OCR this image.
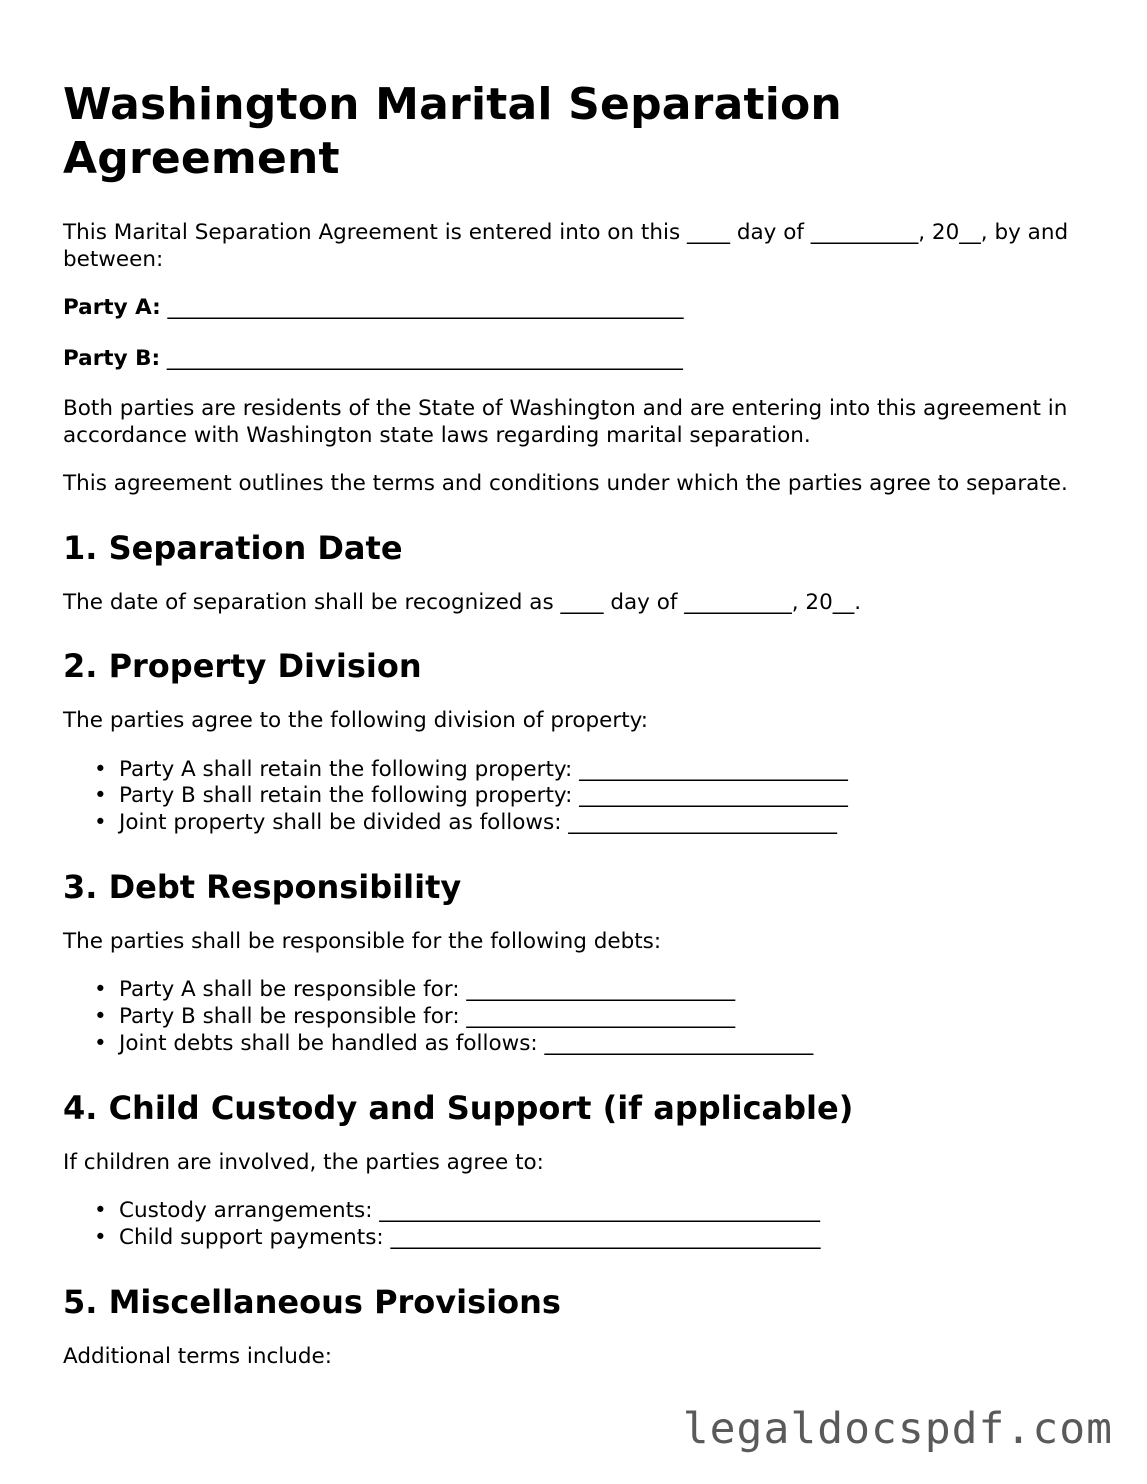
Washington Marital Separation Agreement

This Marital Separation Agreement is entered into on this ____ day of __________, 20__, by and between:

Party A: ________________________________________________
Party B: ________________________________________________

Both parties are residents of the State of Washington and are entering into this agreement in accordance with Washington state laws regarding marital separation.

This agreement outlines the terms and conditions under which the parties agree to separate.

1. Separation Date

The date of separation shall be recognized as ____ day of __________, 20__.

2. Property Division

The parties agree to the following division of property:

• Party A shall retain the following property: _________________________
• Party B shall retain the following property: _________________________
• Joint property shall be divided as follows: _________________________
3. Debt Responsibility

The parties shall be responsible for the following debts:

• Party A shall be responsible for: _________________________
• Party B shall be responsible for: _________________________
• Joint debts shall be handled as follows: _________________________
4. Child Custody and Support (if applicable)

If children are involved, the parties agree to:

• Custody arrangements: _________________________________________
• Child support payments: ________________________________________
5. Miscellaneous Provisions

Additional terms include:

legaldocspdf.com
